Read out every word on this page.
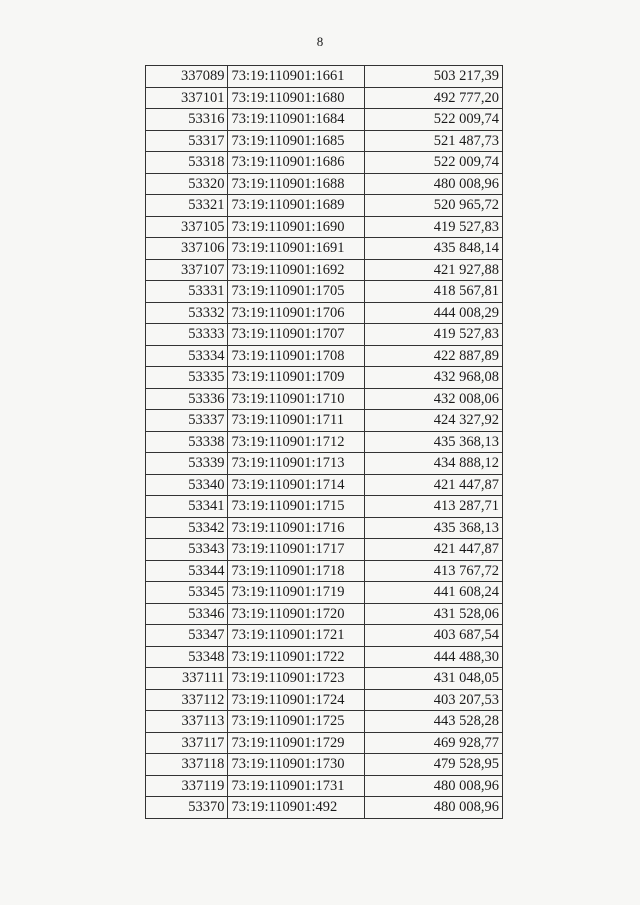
8
337089	73:19:110901:1661	503 217,39
337101	73:19:110901:1680	492 777,20
53316	73:19:110901:1684	522 009,74
53317	73:19:110901:1685	521 487,73
53318	73:19:110901:1686	522 009,74
53320	73:19:110901:1688	480 008,96
53321	73:19:110901:1689	520 965,72
337105	73:19:110901:1690	419 527,83
337106	73:19:110901:1691	435 848,14
337107	73:19:110901:1692	421 927,88
53331	73:19:110901:1705	418 567,81
53332	73:19:110901:1706	444 008,29
53333	73:19:110901:1707	419 527,83
53334	73:19:110901:1708	422 887,89
53335	73:19:110901:1709	432 968,08
53336	73:19:110901:1710	432 008,06
53337	73:19:110901:1711	424 327,92
53338	73:19:110901:1712	435 368,13
53339	73:19:110901:1713	434 888,12
53340	73:19:110901:1714	421 447,87
53341	73:19:110901:1715	413 287,71
53342	73:19:110901:1716	435 368,13
53343	73:19:110901:1717	421 447,87
53344	73:19:110901:1718	413 767,72
53345	73:19:110901:1719	441 608,24
53346	73:19:110901:1720	431 528,06
53347	73:19:110901:1721	403 687,54
53348	73:19:110901:1722	444 488,30
337111	73:19:110901:1723	431 048,05
337112	73:19:110901:1724	403 207,53
337113	73:19:110901:1725	443 528,28
337117	73:19:110901:1729	469 928,77
337118	73:19:110901:1730	479 528,95
337119	73:19:110901:1731	480 008,96
53370	73:19:110901:492	480 008,96
